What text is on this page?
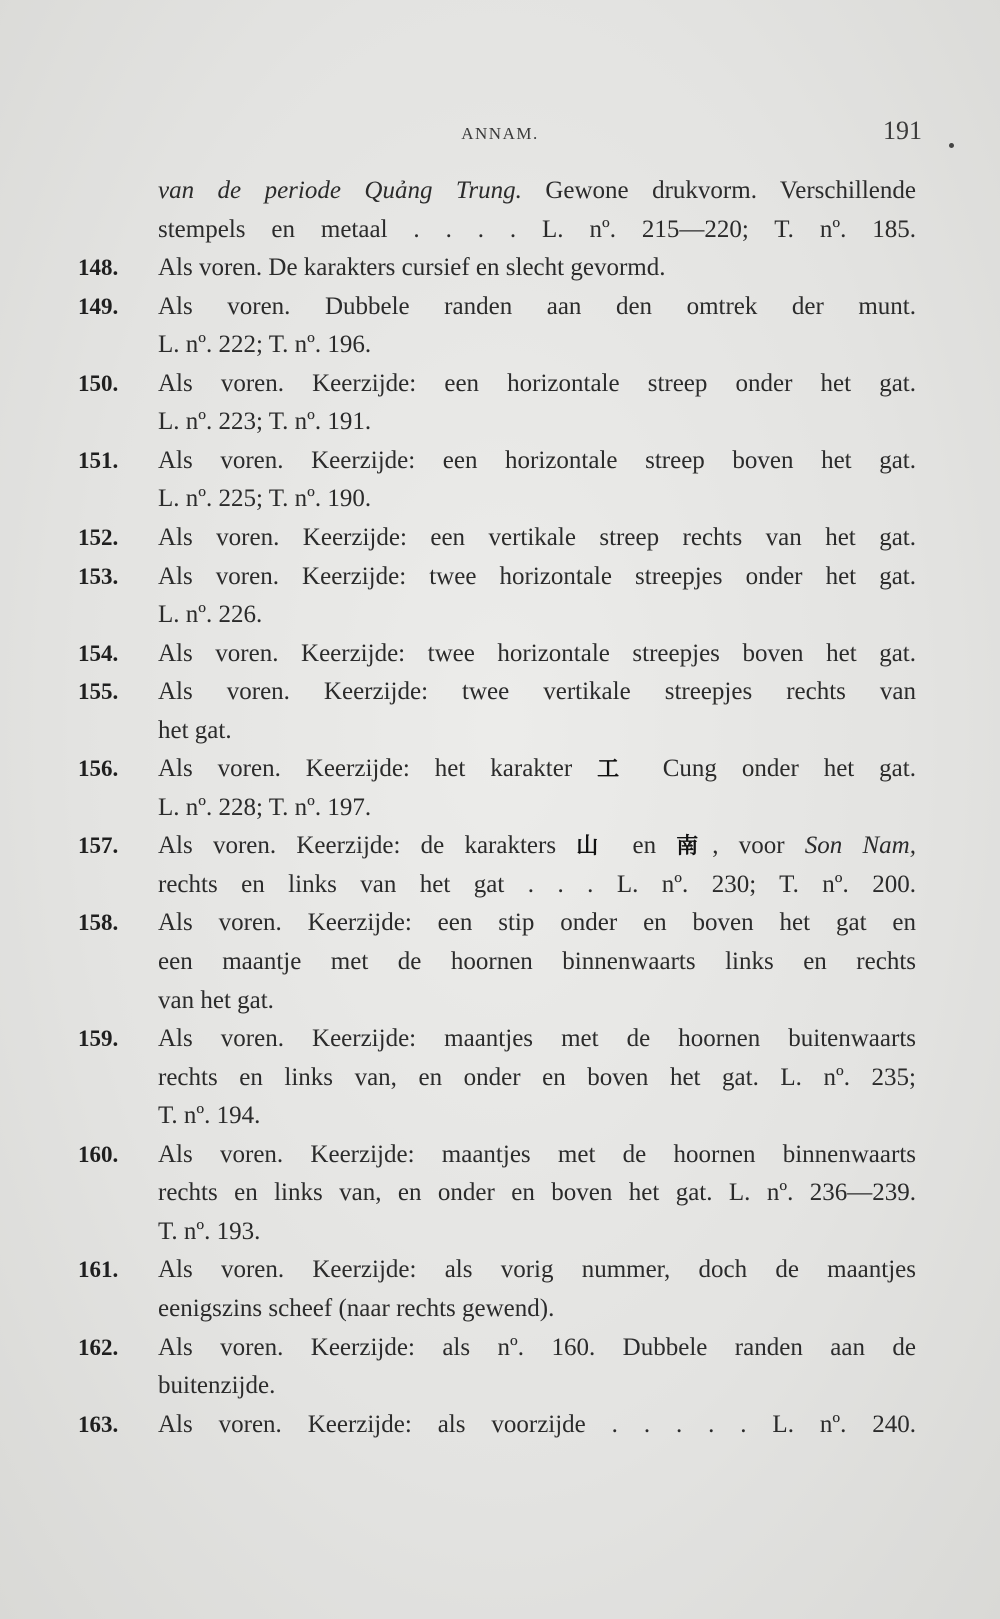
ANNAM.	191
van de periode Quảng Trung. Gewone drukvorm. Verschillende
stempels en metaal . . . . L. nº. 215—220; T. nº. 185.
148. Als voren. De karakters cursief en slecht gevormd.
149. Als voren. Dubbele randen aan den omtrek der munt.
L. nº. 222; T. nº. 196.
150. Als voren. Keerzijde: een horizontale streep onder het gat.
L. nº. 223; T. nº. 191.
151. Als voren. Keerzijde: een horizontale streep boven het gat.
L. nº. 225; T. nº. 190.
152. Als voren. Keerzijde: een vertikale streep rechts van het gat.
153. Als voren. Keerzijde: twee horizontale streepjes onder het gat.
L. nº. 226.
154. Als voren. Keerzijde: twee horizontale streepjes boven het gat.
155. Als voren. Keerzijde: twee vertikale streepjes rechts van
het gat.
156. Als voren. Keerzijde: het karakter 工 Cung onder het gat.
L. nº. 228; T. nº. 197.
157. Als voren. Keerzijde: de karakters 山 en 南, voor Son Nam,
rechts en links van het gat . . . L. nº. 230; T. nº. 200.
158. Als voren. Keerzijde: een stip onder en boven het gat en
een maantje met de hoornen binnenwaarts links en rechts
van het gat.
159. Als voren. Keerzijde: maantjes met de hoornen buitenwaarts
rechts en links van, en onder en boven het gat. L. nº. 235;
T. nº. 194.
160. Als voren. Keerzijde: maantjes met de hoornen binnenwaarts
rechts en links van, en onder en boven het gat. L. nº. 236—239.
T. nº. 193.
161. Als voren. Keerzijde: als vorig nummer, doch de maantjes
eenigszins scheef (naar rechts gewend).
162. Als voren. Keerzijde: als nº. 160. Dubbele randen aan de
buitenzijde.
163. Als voren. Keerzijde: als voorzijde . . . . . L. nº. 240.
